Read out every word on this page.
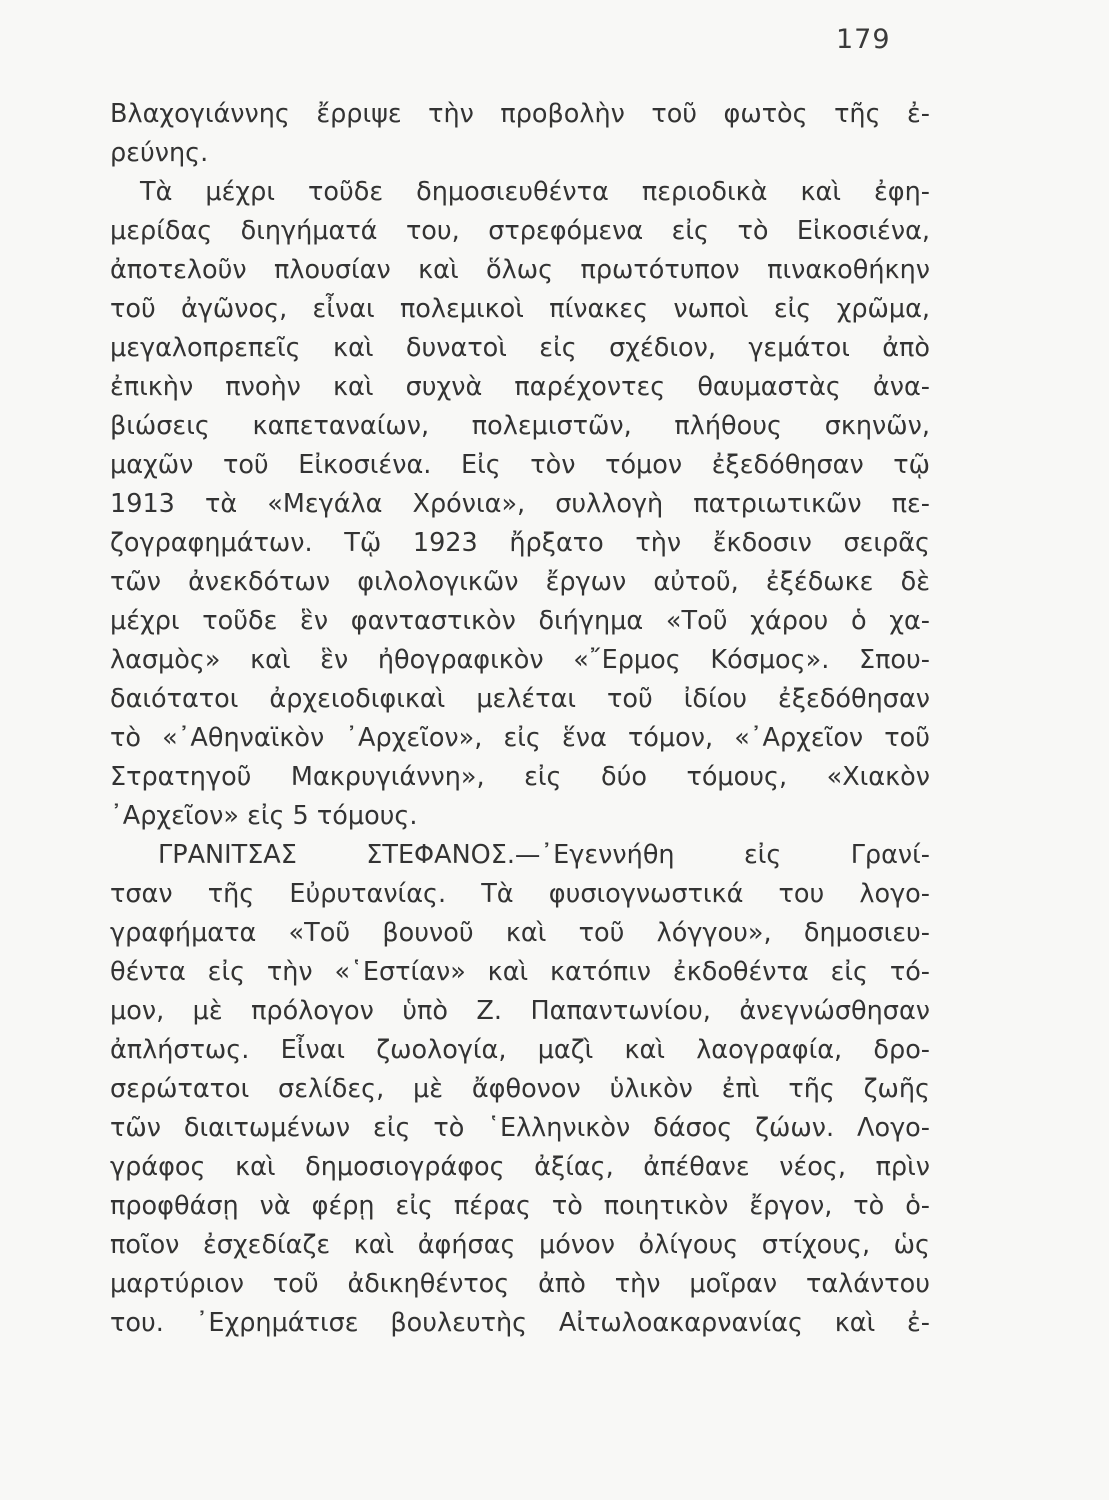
179
Βλαχογιάννης ἔρριψε τὴν προβολὴν τοῦ φωτὸς τῆς ἐ-
ρεύνης.
Τὰ μέχρι τοῦδε δημοσιευθέντα περιοδικὰ καὶ ἐφη-
μερίδας διηγήματά του, στρεφόμενα εἰς τὸ Εἰκοσιένα,
ἀποτελοῦν πλουσίαν καὶ ὅλως πρωτότυπον πινακοθήκην
τοῦ ἀγῶνος, εἶναι πολεμικοὶ πίνακες νωποὶ εἰς χρῶμα,
μεγαλοπρεπεῖς καὶ δυνατοὶ εἰς σχέδιον, γεμάτοι ἀπὸ
ἐπικὴν πνοὴν καὶ συχνὰ παρέχοντες θαυμαστὰς ἀνα-
βιώσεις καπεταναίων, πολεμιστῶν, πλήθους σκηνῶν,
μαχῶν τοῦ Εἰκοσιένα. Εἰς τὸν τόμον ἐξεδόθησαν τῷ
1913 τὰ «Μεγάλα Χρόνια», συλλογὴ πατριωτικῶν πε-
ζογραφημάτων. Τῷ 1923 ἤρξατο τὴν ἔκδοσιν σειρᾶς
τῶν ἀνεκδότων φιλολογικῶν ἔργων αὐτοῦ, ἐξέδωκε δὲ
μέχρι τοῦδε ἓν φανταστικὸν διήγημα «Τοῦ χάρου ὁ χα-
λασμὸς» καὶ ἓν ἠθογραφικὸν «῎Ερμος Κόσμος». Σπου-
δαιότατοι ἀρχειοδιφικαὶ μελέται τοῦ ἰδίου ἐξεδόθησαν
τὸ «᾿Αθηναϊκὸν ᾿Αρχεῖον», εἰς ἕνα τόμον, «᾿Αρχεῖον τοῦ
Στρατηγοῦ Μακρυγιάννη», εἰς δύο τόμους, «Χιακὸν
᾿Αρχεῖον» εἰς 5 τόμους.
ΓΡΑΝΙΤΣΑΣ ΣΤΕΦΑΝΟΣ.—᾿Εγεννήθη εἰς Γρανί-
τσαν τῆς Εὐρυτανίας. Τὰ φυσιογνωστικά του λογο-
γραφήματα «Τοῦ βουνοῦ καὶ τοῦ λόγγου», δημοσιευ-
θέντα εἰς τὴν «῾Εστίαν» καὶ κατόπιν ἐκδοθέντα εἰς τό-
μον, μὲ πρόλογον ὑπὸ Ζ. Παπαντωνίου, ἀνεγνώσθησαν
ἀπλήστως. Εἶναι ζωολογία, μαζὶ καὶ λαογραφία, δρο-
σερώτατοι σελίδες, μὲ ἄφθονον ὑλικὸν ἐπὶ τῆς ζωῆς
τῶν διαιτωμένων εἰς τὸ ῾Ελληνικὸν δάσος ζώων. Λογο-
γράφος καὶ δημοσιογράφος ἀξίας, ἀπέθανε νέος, πρὶν
προφθάσῃ νὰ φέρῃ εἰς πέρας τὸ ποιητικὸν ἔργον, τὸ ὁ-
ποῖον ἐσχεδίαζε καὶ ἀφήσας μόνον ὀλίγους στίχους, ὡς
μαρτύριον τοῦ ἀδικηθέντος ἀπὸ τὴν μοῖραν ταλάντου
του. ᾿Εχρημάτισε βουλευτὴς Αἰτωλοακαρνανίας καὶ ἐ-
